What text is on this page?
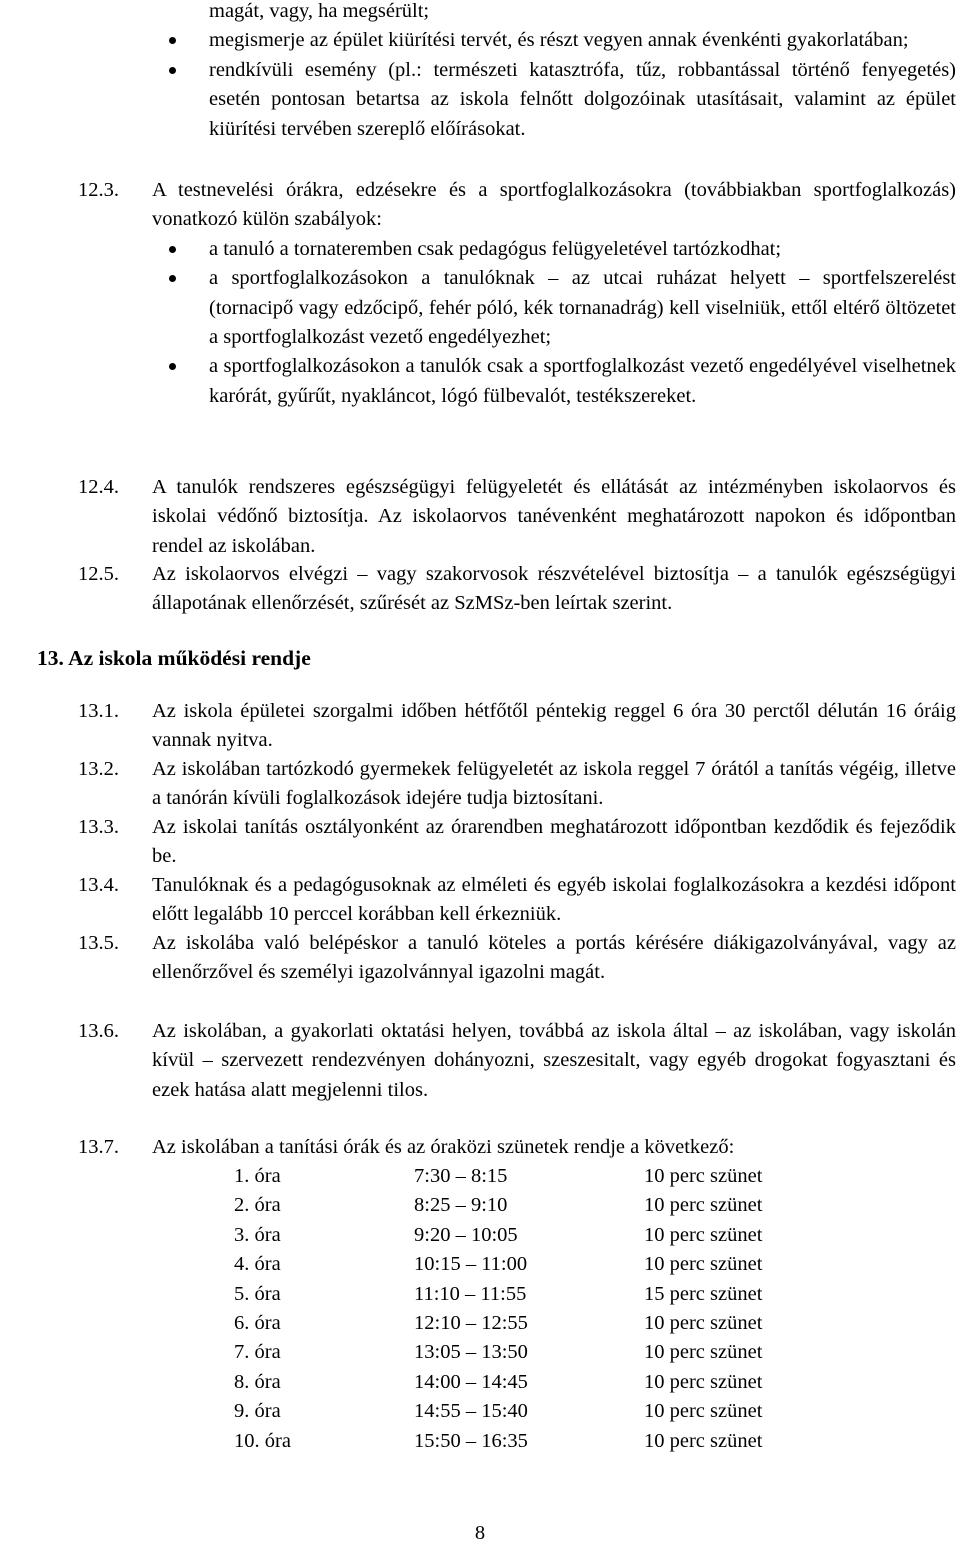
magát, vagy, ha megsérült;
megismerje az épület kiürítési tervét, és részt vegyen annak évenkénti gyakorlatában;
rendkívüli esemény (pl.: természeti katasztrófa, tűz, robbantással történő fenyegetés) esetén pontosan betartsa az iskola felnőtt dolgozóinak utasításait, valamint az épület kiürítési tervében szereplő előírásokat.
12.3. A testnevelési órákra, edzésekre és a sportfoglalkozásokra (továbbiakban sportfoglalkozás) vonatkozó külön szabályok:
a tanuló a tornateremben csak pedagógus felügyeletével tartózkodhat;
a sportfoglalkozásokon a tanulóknak – az utcai ruházat helyett – sportfelszerelést (tornacipő vagy edzőcipő, fehér póló, kék tornanadrág) kell viselniük, ettől eltérő öltözetet a sportfoglalkozást vezető engedélyezhet;
a sportfoglalkozásokon a tanulók csak a sportfoglalkozást vezető engedélyével viselhetnek karórát, gyűrűt, nyakláncot, lógó fülbevalót, testékszereket.
12.4. A tanulók rendszeres egészségügyi felügyeletét és ellátását az intézményben iskolaorvos és iskolai védőnő biztosítja. Az iskolaorvos tanévenként meghatározott napokon és időpontban rendel az iskolában.
12.5. Az iskolaorvos elvégzi – vagy szakorvosok részvételével biztosítja – a tanulók egészségügyi állapotának ellenőrzését, szűrését az SzMSz-ben leírtak szerint.
13. Az iskola működési rendje
13.1. Az iskola épületei szorgalmi időben hétfőtől péntekig reggel 6 óra 30 perctől délután 16 óráig vannak nyitva.
13.2. Az iskolában tartózkodó gyermekek felügyeletét az iskola reggel 7 órától a tanítás végéig, illetve a tanórán kívüli foglalkozások idejére tudja biztosítani.
13.3. Az iskolai tanítás osztályonként az órarendben meghatározott időpontban kezdődik és fejeződik be.
13.4. Tanulóknak és a pedagógusoknak az elméleti és egyéb iskolai foglalkozásokra a kezdési időpont előtt legalább 10 perccel korábban kell érkezniük.
13.5. Az iskolába való belépéskor a tanuló köteles a portás kérésére diákigazolványával, vagy az ellenőrzővel és személyi igazolvánnyal igazolni magát.
13.6. Az iskolában, a gyakorlati oktatási helyen, továbbá az iskola által – az iskolában, vagy iskolán kívül – szervezett rendezvényen dohányozni, szeszesitalt, vagy egyéb drogokat fogyasztani és ezek hatása alatt megjelenni tilos.
13.7. Az iskolában a tanítási órák és az óraközi szünetek rendje a következő:
1. óra	7:30 – 8:15	10 perc szünet
2. óra	8:25 – 9:10	10 perc szünet
3. óra	9:20 – 10:05	10 perc szünet
4. óra	10:15 – 11:00	10 perc szünet
5. óra	11:10 – 11:55	15 perc szünet
6. óra	12:10 – 12:55	10 perc szünet
7. óra	13:05 – 13:50	10 perc szünet
8. óra	14:00 – 14:45	10 perc szünet
9. óra	14:55 – 15:40	10 perc szünet
10. óra	15:50 – 16:35	10 perc szünet
8
